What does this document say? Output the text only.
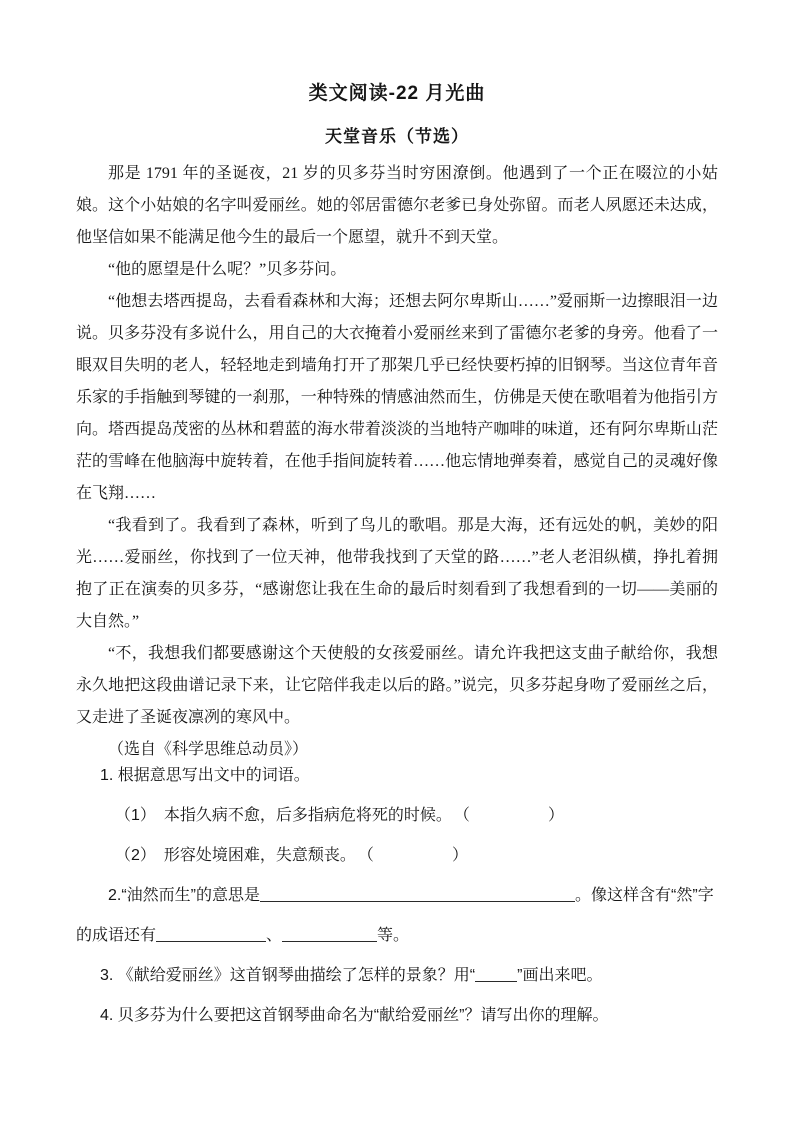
类文阅读-22 月光曲
天堂音乐（节选）

那是 1791 年的圣诞夜，21 岁的贝多芬当时穷困潦倒。他遇到了一个正在啜泣的小姑娘。这个小姑娘的名字叫爱丽丝。她的邻居雷德尔老爹已身处弥留。而老人夙愿还未达成，他坚信如果不能满足他今生的最后一个愿望，就升不到天堂。

“他的愿望是什么呢？”贝多芬问。

“他想去塔西提岛，去看看森林和大海；还想去阿尔卑斯山……”爱丽斯一边擦眼泪一边说。贝多芬没有多说什么，用自己的大衣掩着小爱丽丝来到了雷德尔老爹的身旁。他看了一眼双目失明的老人，轻轻地走到墙角打开了那架几乎已经快要朽掉的旧钢琴。当这位青年音乐家的手指触到琴键的一刹那，一种特殊的情感油然而生，仿佛是天使在歌唱着为他指引方向。塔西提岛茂密的丛林和碧蓝的海水带着淡淡的当地特产咖啡的味道，还有阿尔卑斯山茫茫的雪峰在他脑海中旋转着，在他手指间旋转着……他忘情地弹奏着，感觉自己的灵魂好像在飞翔……

“我看到了。我看到了森林，听到了鸟儿的歌唱。那是大海，还有远处的帆，美妙的阳光……爱丽丝，你找到了一位天神，他带我找到了天堂的路……”老人老泪纵横，挣扎着拥抱了正在演奏的贝多芬，“感谢您让我在生命的最后时刻看到了我想看到的一切——美丽的大自然。”

“不，我想我们都要感谢这个天使般的女孩爱丽丝。请允许我把这支曲子献给你，我想永久地把这段曲谱记录下来，让它陪伴我走以后的路。”说完，贝多芬起身吻了爱丽丝之后，又走进了圣诞夜凛冽的寒风中。

（选自《科学思维总动员》）

1. 根据意思写出文中的词语。

（1） 本指久病不愈，后多指病危将死的时候。 （	）

（2） 形容处境困难，失意颓丧。 （	）

2.“油然而生”的意思是	。像这样含有“然”字的成语还有	、	等。

3. 《献给爱丽丝》这首钢琴曲描绘了怎样的景象？用“	”画出来吧。

4. 贝多芬为什么要把这首钢琴曲命名为“献给爱丽丝”？请写出你的理解。
